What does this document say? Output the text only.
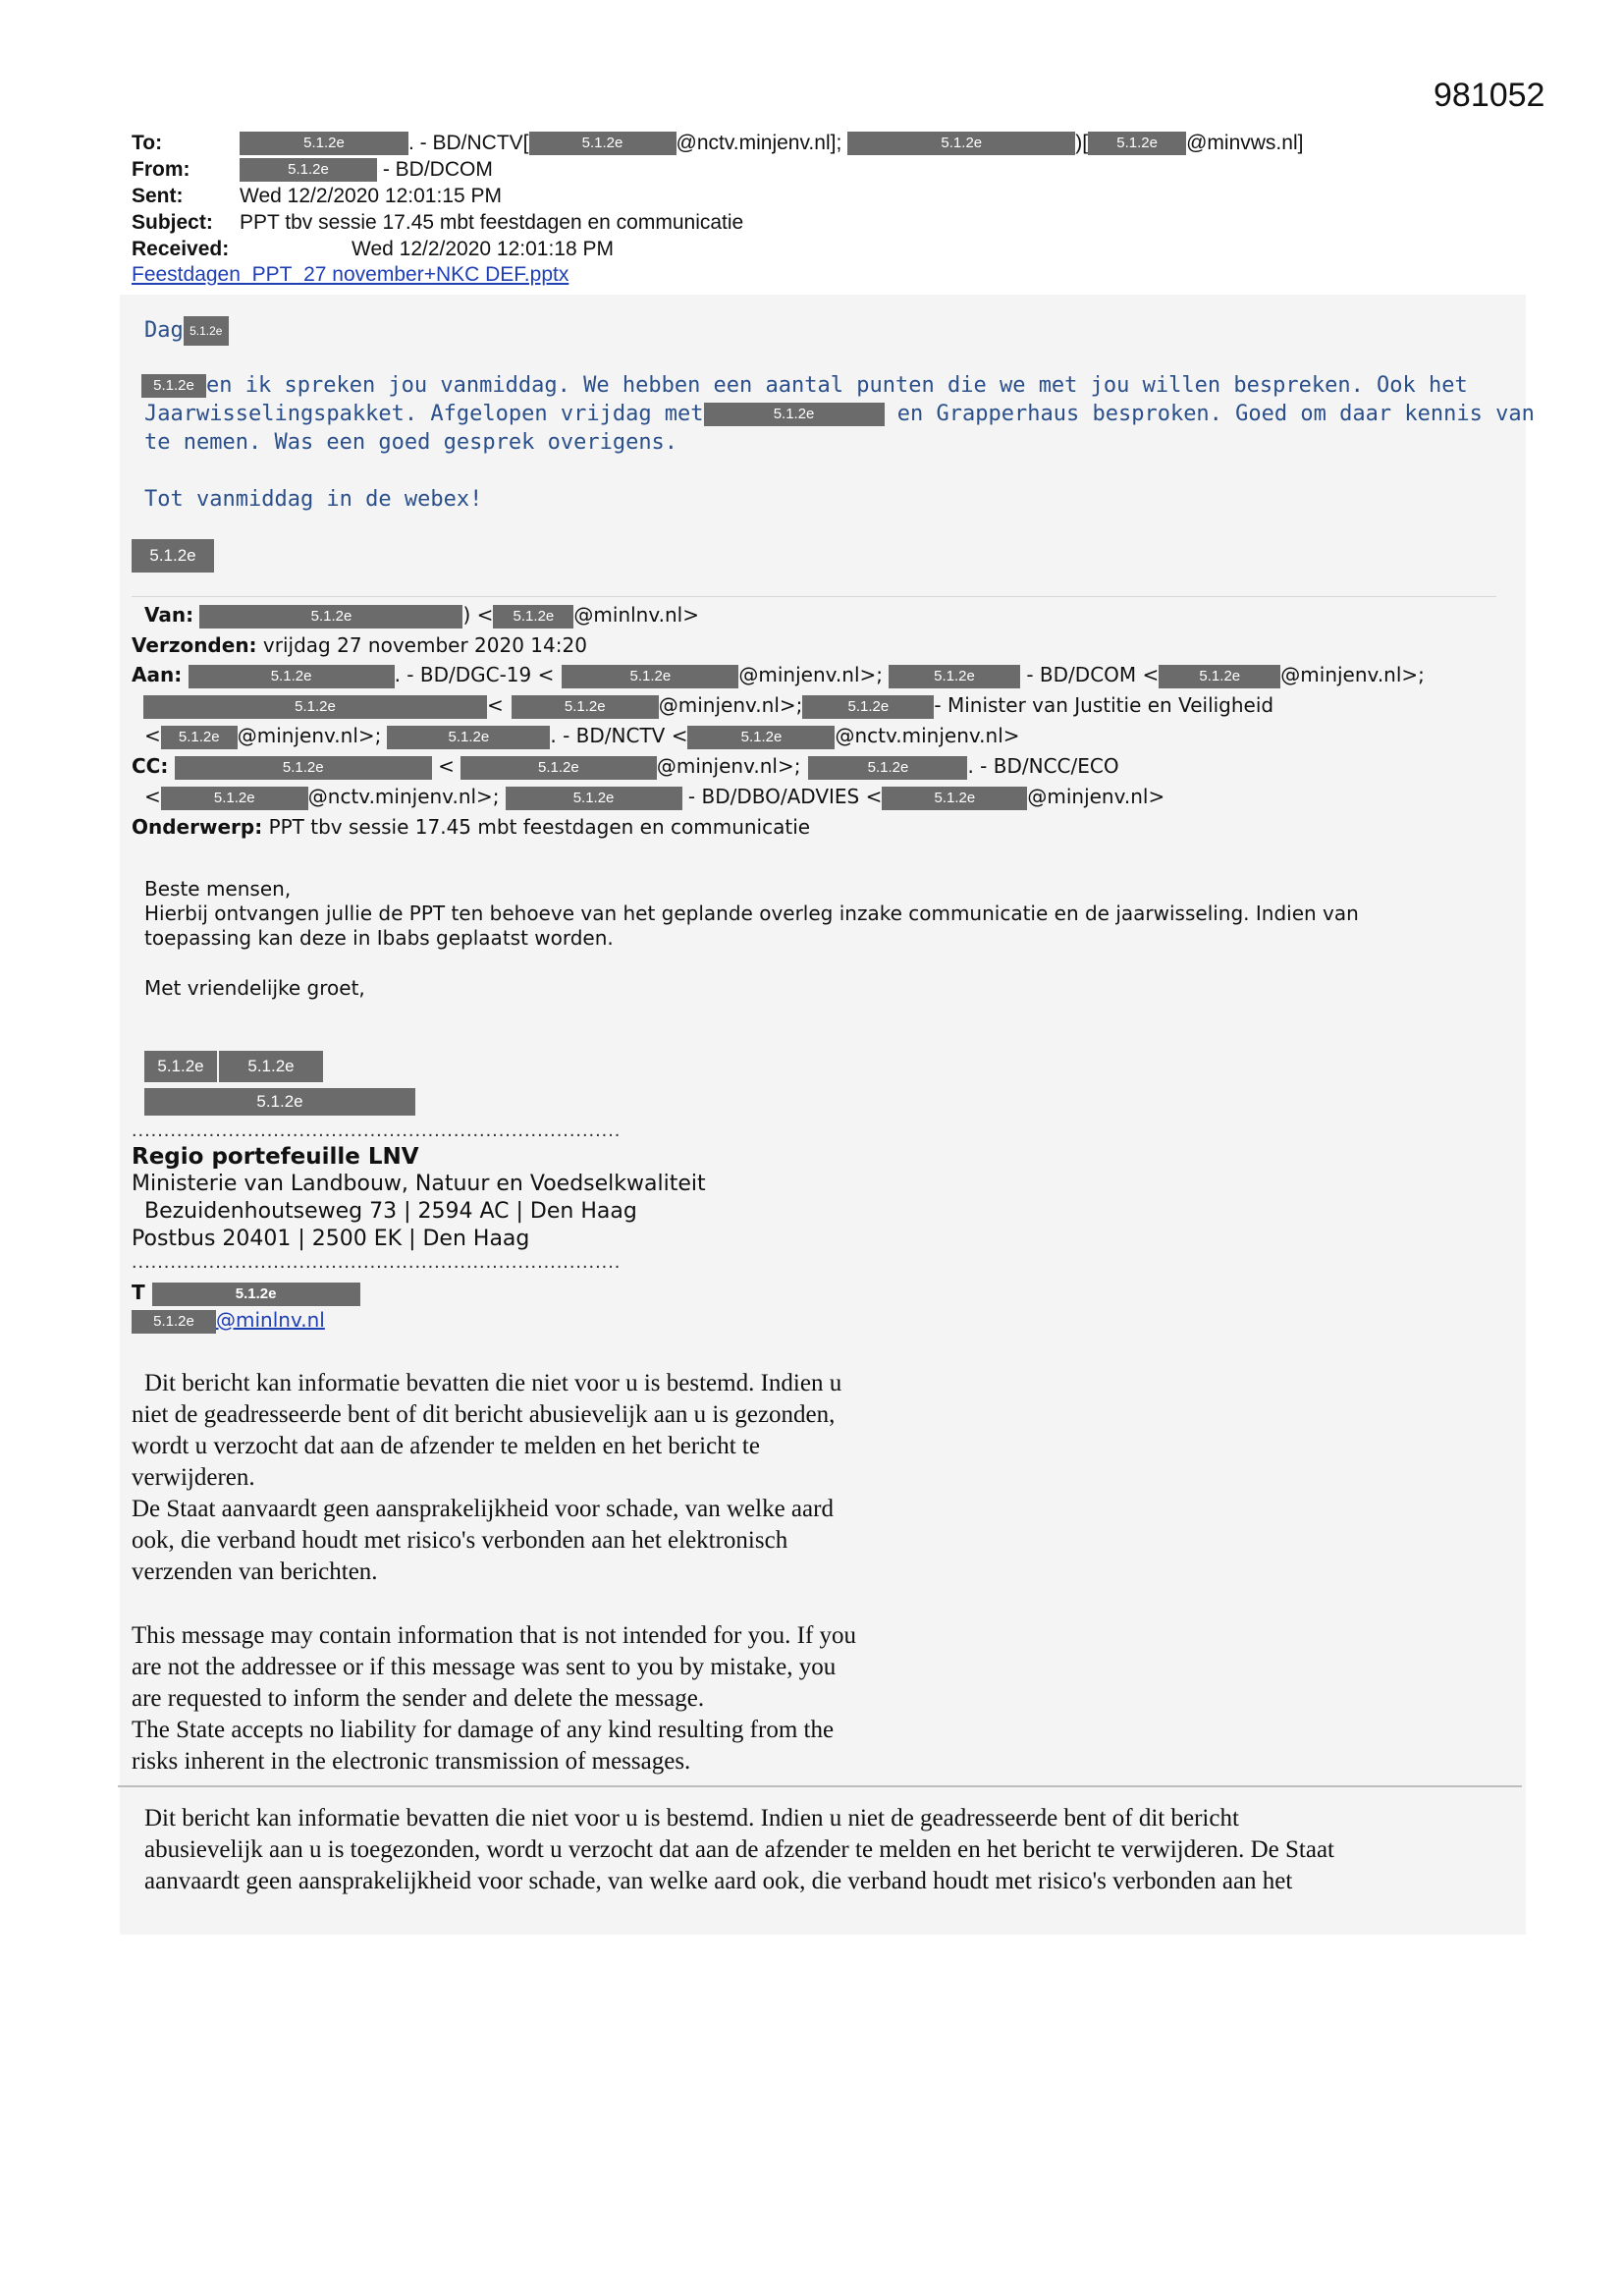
981052
To:	5.1.2e	. - BD/NCTV[	5.1.2e	@nctv.minjenv.nl];	5.1.2e	)[ 5.1.2e @minvws.nl]
From:	5.1.2e	- BD/DCOM
Sent:	Wed 12/2/2020 12:01:15 PM
Subject: PPT tbv sessie 17.45 mbt feestdagen en communicatie
Received:	Wed 12/2/2020 12:01:18 PM
Feestdagen_PPT_27 november+NKC DEF.pptx
Dag 5.1.2e
5.1.2e en ik spreken jou vanmiddag. We hebben een aantal punten die we met jou willen bespreken. Ook het
Jaarwisselingspakket. Afgelopen vrijdag met	5.1.2e	en Grapperhaus besproken. Goed om daar kennis van
te nemen. Was een goed gesprek overigens.
Tot vanmiddag in de webex!
5.1.2e
Van:	5.1.2e	) < 5.1.2e @minlnv.nl>
Verzonden: vrijdag 27 november 2020 14:20
Aan:	5.1.2e	. - BD/DGC-19 <	5.1.2e	@minjenv.nl>;	5.1.2e	- BD/DCOM <	5.1.2e @minjenv.nl>;
5.1.2e	<	5.1.2e	@minjenv.nl>;	5.1.2e - Minister van Justitie en Veiligheid
< 5.1.2e @minjenv.nl>;	5.1.2e	. - BD/NCTV <	5.1.2e	@nctv.minjenv.nl>
CC:	5.1.2e	<	5.1.2e	@minjenv.nl>;	5.1.2e	. - BD/NCC/ECO
<	5.1.2e	@nctv.minjenv.nl>;	5.1.2e	- BD/DBO/ADVIES <	5.1.2e	@minjenv.nl>
Onderwerp: PPT tbv sessie 17.45 mbt feestdagen en communicatie
Beste mensen,
Hierbij ontvangen jullie de PPT ten behoeve van het geplande overleg inzake communicatie en de jaarwisseling. Indien van
toepassing kan deze in Ibabs geplaatst worden.
Met vriendelijke groet,
5.1.2e	5.1.2e
5.1.2e
............................................................................
Regio portefeuille LNV
Ministerie van Landbouw, Natuur en Voedselkwaliteit
Bezuidenhoutseweg 73 | 2594 AC | Den Haag
Postbus 20401 | 2500 EK | Den Haag
............................................................................
T	5.1.2e
5.1.2e @minlnv.nl
Dit bericht kan informatie bevatten die niet voor u is bestemd. Indien u
niet de geadresseerde bent of dit bericht abusievelijk aan u is gezonden,
wordt u verzocht dat aan de afzender te melden en het bericht te
verwijderen.
De Staat aanvaardt geen aansprakelijkheid voor schade, van welke aard
ook, die verband houdt met risico's verbonden aan het elektronisch
verzenden van berichten.
This message may contain information that is not intended for you. If you
are not the addressee or if this message was sent to you by mistake, you
are requested to inform the sender and delete the message.
The State accepts no liability for damage of any kind resulting from the
risks inherent in the electronic transmission of messages.
Dit bericht kan informatie bevatten die niet voor u is bestemd. Indien u niet de geadresseerde bent of dit bericht
abusievelijk aan u is toegezonden, wordt u verzocht dat aan de afzender te melden en het bericht te verwijderen. De Staat
aanvaardt geen aansprakelijkheid voor schade, van welke aard ook, die verband houdt met risico's verbonden aan het
